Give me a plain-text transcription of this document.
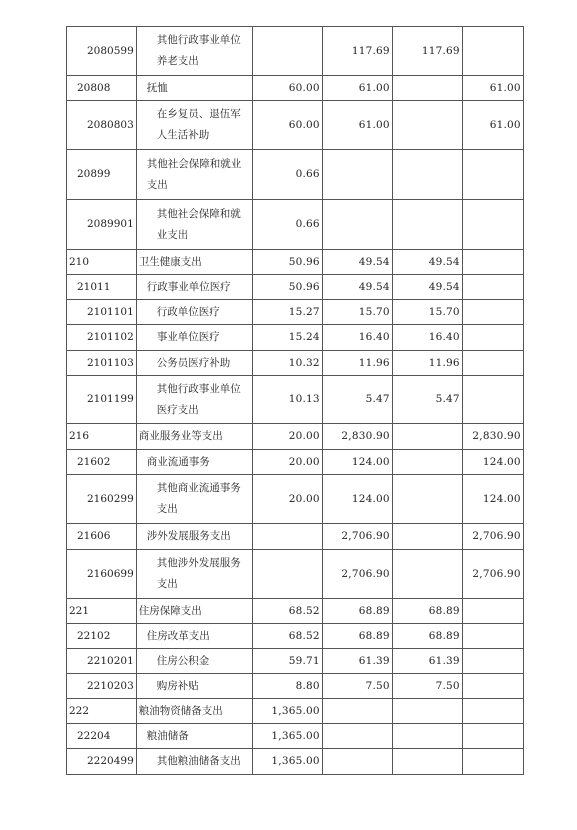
2080599	其他行政事业单位养老支出		117.69	117.69	
20808	抚恤	60.00	61.00		61.00
2080803	在乡复员、退伍军人生活补助	60.00	61.00		61.00
20899	其他社会保障和就业支出	0.66			
2089901	其他社会保障和就业支出	0.66			
210	卫生健康支出	50.96	49.54	49.54	
21011	行政事业单位医疗	50.96	49.54	49.54	
2101101	行政单位医疗	15.27	15.70	15.70	
2101102	事业单位医疗	15.24	16.40	16.40	
2101103	公务员医疗补助	10.32	11.96	11.96	
2101199	其他行政事业单位医疗支出	10.13	5.47	5.47	
216	商业服务业等支出	20.00	2,830.90		2,830.90
21602	商业流通事务	20.00	124.00		124.00
2160299	其他商业流通事务支出	20.00	124.00		124.00
21606	涉外发展服务支出		2,706.90		2,706.90
2160699	其他涉外发展服务支出		2,706.90		2,706.90
221	住房保障支出	68.52	68.89	68.89	
22102	住房改革支出	68.52	68.89	68.89	
2210201	住房公积金	59.71	61.39	61.39	
2210203	购房补贴	8.80	7.50	7.50	
222	粮油物资储备支出	1,365.00			
22204	粮油储备	1,365.00			
2220499	其他粮油储备支出	1,365.00			
